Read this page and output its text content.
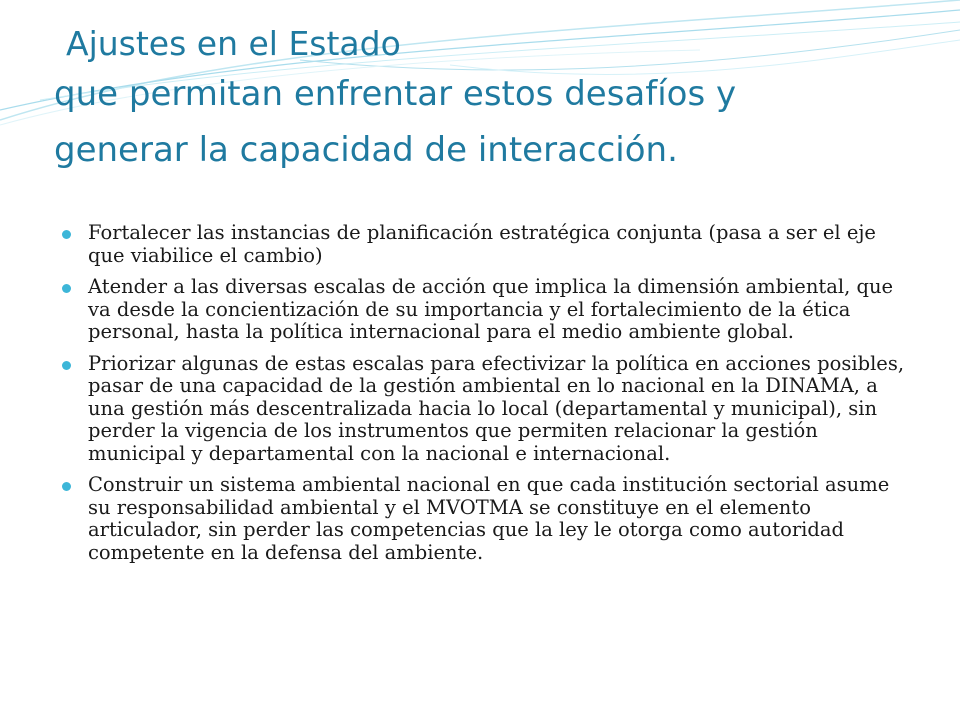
Ajustes en el Estado
que permitan enfrentar estos desafíos y
generar la capacidad de interacción.
Fortalecer las instancias de planificación estratégica conjunta (pasa a ser el eje que viabilice el cambio)
Atender a las diversas escalas de acción que implica la dimensión ambiental, que va desde la concientización de su importancia y el fortalecimiento de la ética personal, hasta la política internacional para el medio ambiente global.
Priorizar algunas de estas escalas para efectivizar la política en acciones posibles, pasar de una capacidad de la gestión ambiental en lo nacional en la DINAMA, a una gestión más descentralizada hacia lo local (departamental y municipal), sin perder la vigencia de los instrumentos que permiten relacionar la gestión municipal y departamental con la nacional e internacional.
Construir un sistema ambiental nacional en que cada institución sectorial asume su responsabilidad ambiental y el MVOTMA se constituye en el elemento articulador, sin perder las competencias que la ley le otorga como autoridad competente en la defensa del ambiente.
